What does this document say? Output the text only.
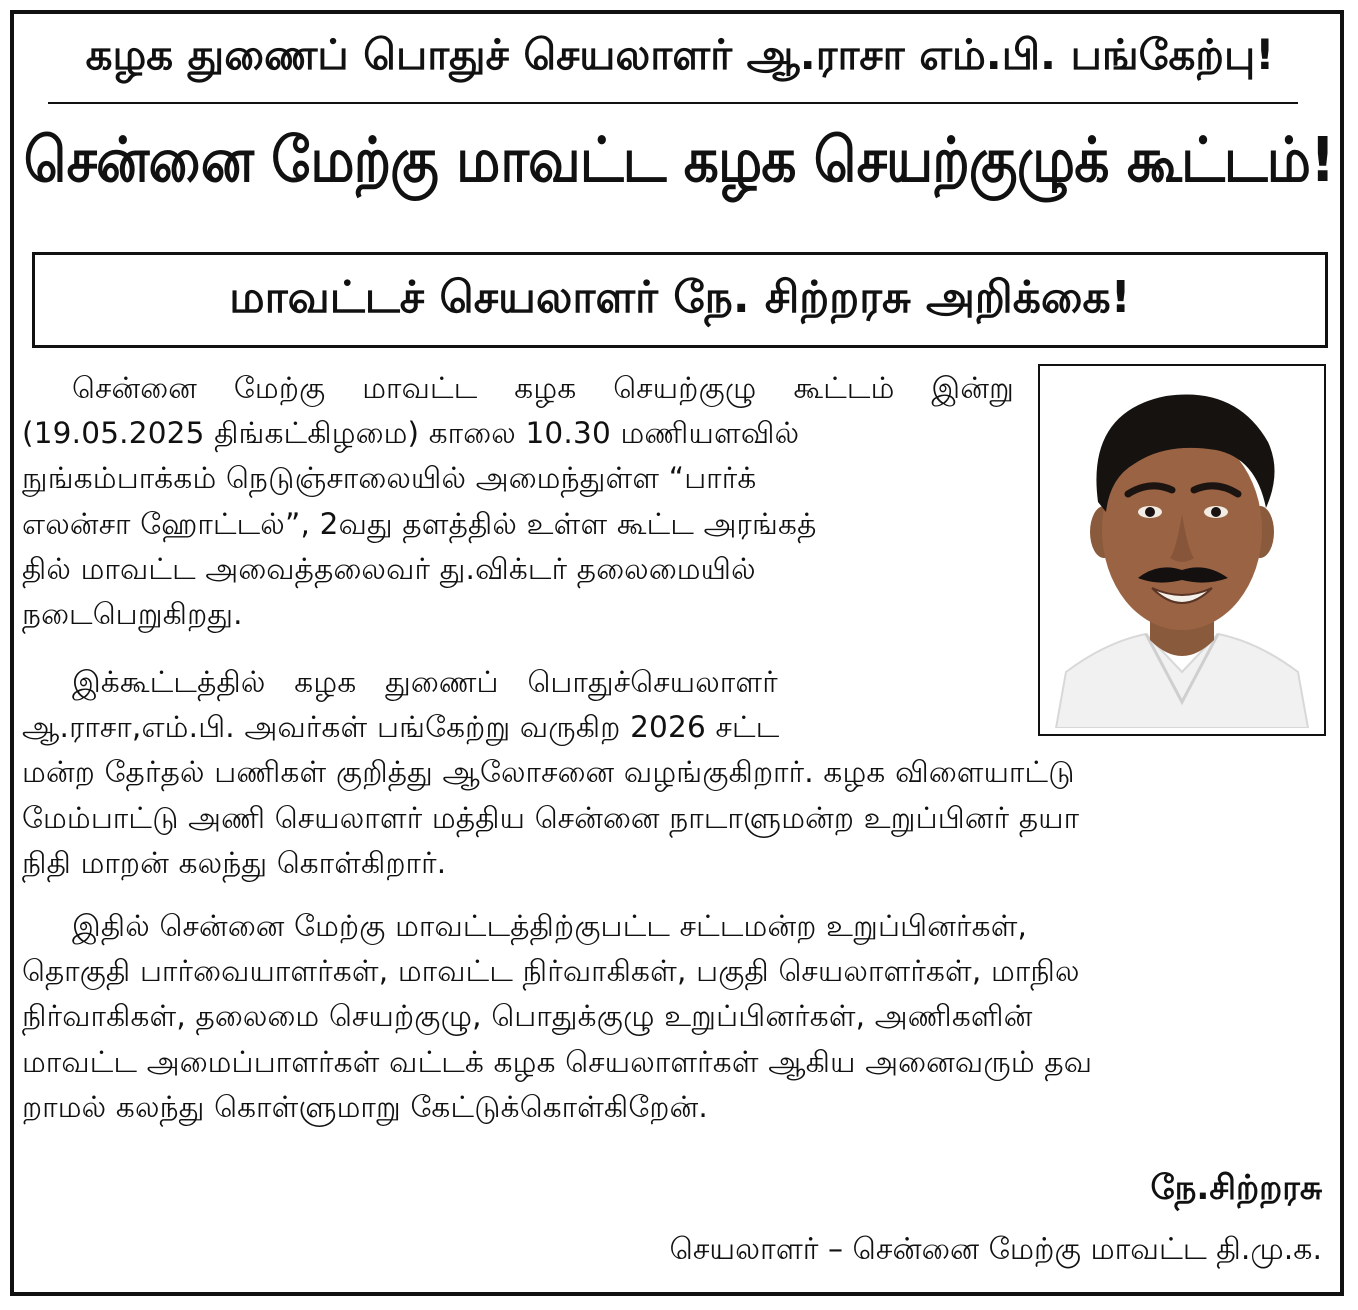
கழக துணைப் பொதுச் செயலாளர் ஆ.ராசா எம்.பி. பங்கேற்பு!
சென்னை மேற்கு மாவட்ட கழக செயற்குழுக் கூட்டம்!
மாவட்டச் செயலாளர் நே. சிற்றரசு அறிக்கை!
சென்னை மேற்கு மாவட்ட கழக செயற்குழு கூட்டம் இன்று
(19.05.2025 திங்கட்கிழமை) காலை 10.30 மணியளவில்
நுங்கம்பாக்கம் நெடுஞ்சாலையில் அமைந்துள்ள “பார்க்
எலன்சா ஹோட்டல்”, 2வது தளத்தில் உள்ள கூட்ட அரங்கத்
தில் மாவட்ட அவைத்தலைவர் து.விக்டர் தலைமையில்
நடைபெறுகிறது.
இக்கூட்டத்தில்   கழக   துணைப்   பொதுச்செயலாளர்
ஆ.ராசா,எம்.பி. அவர்கள் பங்கேற்று வருகிற 2026 சட்ட
மன்ற தேர்தல் பணிகள் குறித்து ஆலோசனை வழங்குகிறார். கழக விளையாட்டு
மேம்பாட்டு அணி செயலாளர் மத்திய சென்னை நாடாளுமன்ற உறுப்பினர் தயா
நிதி மாறன் கலந்து கொள்கிறார்.
இதில் சென்னை மேற்கு மாவட்டத்திற்குபட்ட சட்டமன்ற உறுப்பினர்கள்,
தொகுதி பார்வையாளர்கள், மாவட்ட நிர்வாகிகள், பகுதி செயலாளர்கள், மாநில
நிர்வாகிகள், தலைமை செயற்குழு, பொதுக்குழு உறுப்பினர்கள், அணிகளின்
மாவட்ட அமைப்பாளர்கள் வட்டக் கழக செயலாளர்கள் ஆகிய அனைவரும் தவ
றாமல் கலந்து கொள்ளுமாறு கேட்டுக்கொள்கிறேன்.
நே.சிற்றரசு
செயலாளர் – சென்னை மேற்கு மாவட்ட தி.மு.க.
